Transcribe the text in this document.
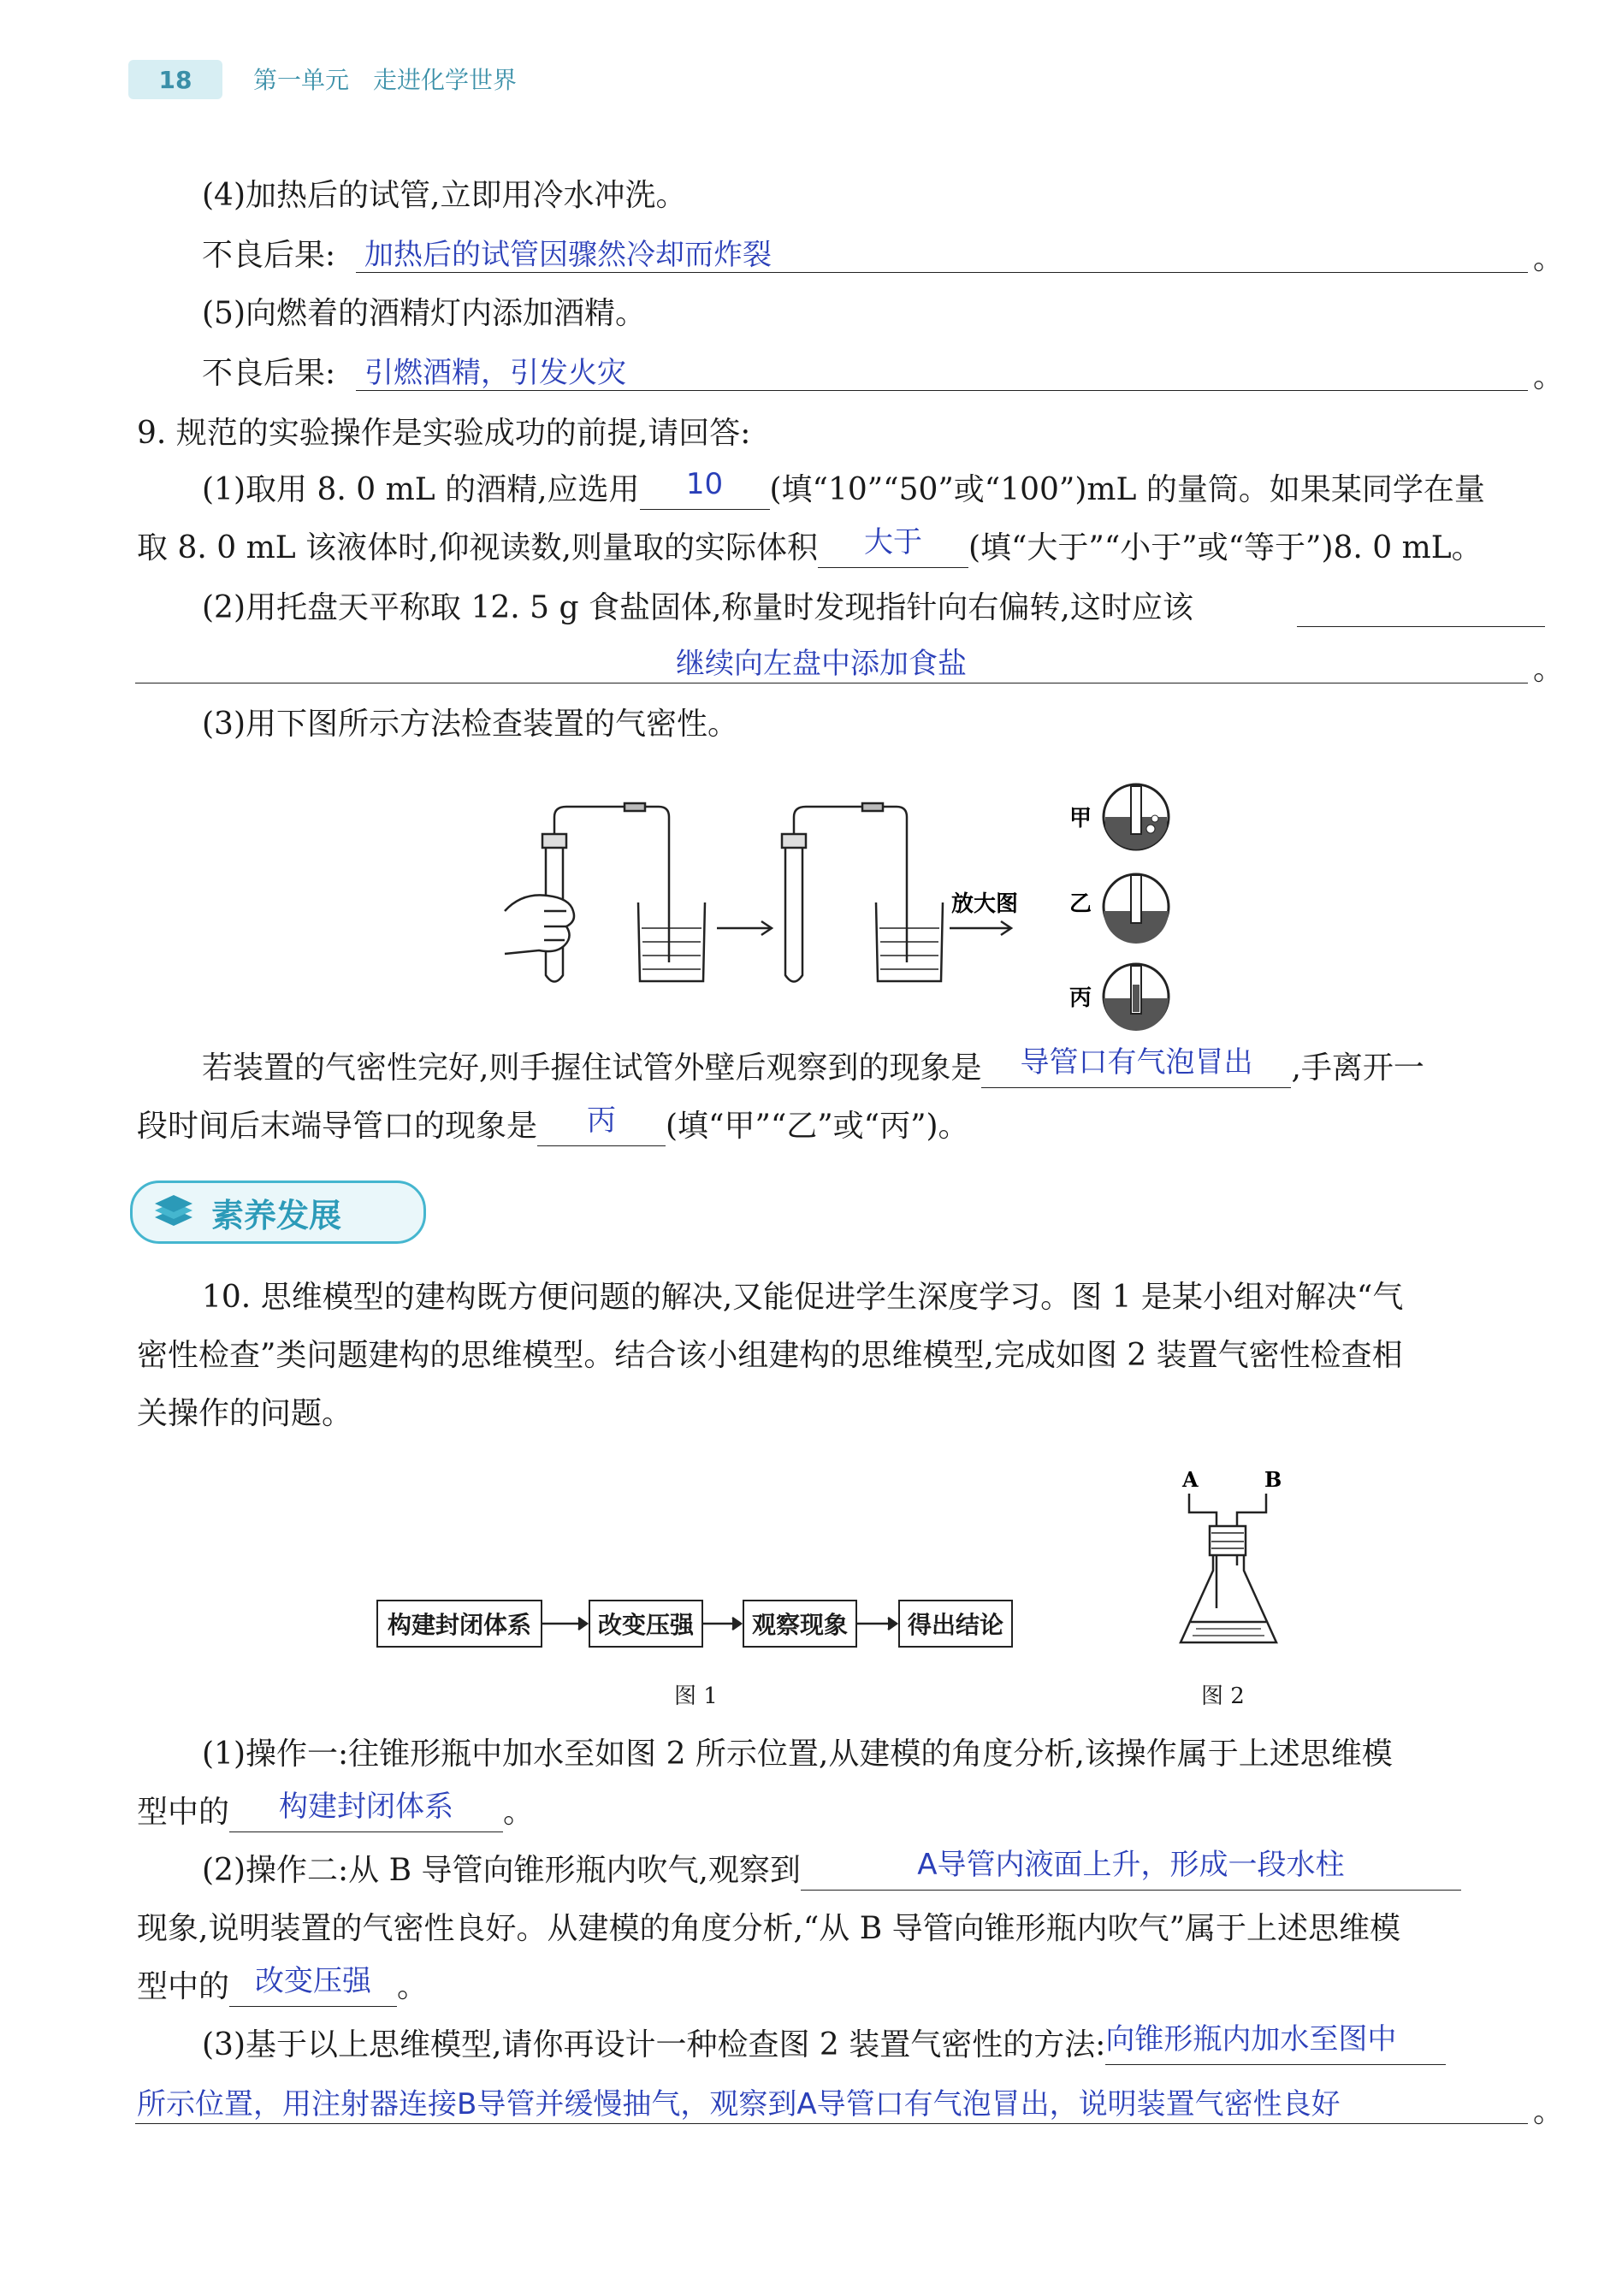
18	第一单元　走进化学世界
(4)加热后的试管,立即用冷水冲洗。
不良后果: 加热后的试管因骤然冷却而炸裂	。
(5)向燃着的酒精灯内添加酒精。
不良后果: 引燃酒精，引发火灾	。
9. 规范的实验操作是实验成功的前提,请回答:
(1)取用 8. 0 mL 的酒精,应选用	10	(填“10”“50”或“100”)mL 的量筒。如果某同学在量
取 8. 0 mL 该液体时,仰视读数,则量取的实际体积	大于	(填“大于”“小于”或“等于”)8. 0 mL。
(2)用托盘天平称取 12. 5 g 食盐固体,称量时发现指针向右偏转,这时应该
继续向左盘中添加食盐	。
(3)用下图所示方法检查装置的气密性。
放大图
甲
乙
丙
若装置的气密性完好,则手握住试管外壁后观察到的现象是	导管口有气泡冒出	,手离开一
段时间后末端导管口的现象是	丙	(填“甲”“乙”或“丙”)。
素养发展
10. 思维模型的建构既方便问题的解决,又能促进学生深度学习。图 1 是某小组对解决“气
密性检查”类问题建构的思维模型。结合该小组建构的思维模型,完成如图 2 装置气密性检查相
关操作的问题。
构建封闭体系	改变压强	观察现象	得出结论
图 1
A	B
图 2
(1)操作一:往锥形瓶中加水至如图 2 所示位置,从建模的角度分析,该操作属于上述思维模
型中的	构建封闭体系	。
(2)操作二:从 B 导管向锥形瓶内吹气,观察到	A导管内液面上升，形成一段水柱
现象,说明装置的气密性良好。从建模的角度分析,“从 B 导管向锥形瓶内吹气”属于上述思维模
型中的 改变压强 。
(3)基于以上思维模型,请你再设计一种检查图 2 装置气密性的方法: 向锥形瓶内加水至图中
所示位置，用注射器连接B导管并缓慢抽气，观察到A导管口有气泡冒出，说明装置气密性良好	。
